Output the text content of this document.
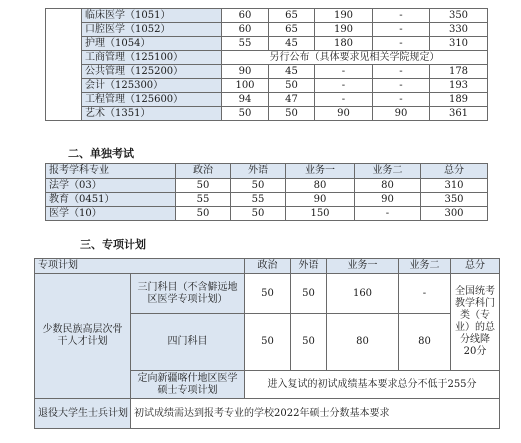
	临床医学（1051）	60	65	190	-	350
	口腔医学（1052）	60	65	190	-	330
	护理（1054）	55	45	180	-	310
	工商管理（125100）	另行公布（具体要求见相关学院规定）				
	公共管理（125200）	90	45	-	-	178
	会计（125300）	100	50	-	-	193
	工程管理（125600）	94	47	-	-	189
	艺术（1351）	50	50	90	90	361
二、单独考试
报考学科专业	政治	外语	业务一	业务二	总分
法学（03）	50	50	80	80	310
教育（0451）	55	55	90	90	350
医学（10）	50	50	150	-	300
三、专项计划
专项计划		政治	外语	业务一	业务二	总分
少数民族高层次骨干人才计划	三门科目（不含僻远地区医学专项计划）	50	50	160	-	全国统考教学科门类（专业）的总分线降20分
	四门科目	50	50	80	80	
	定向新疆喀什地区医学硕士专项计划	进入复试的初试成绩基本要求总分不低于255分				
退役大学生士兵计划	初试成绩需达到报考专业的学校2022年硕士分数基本要求					
